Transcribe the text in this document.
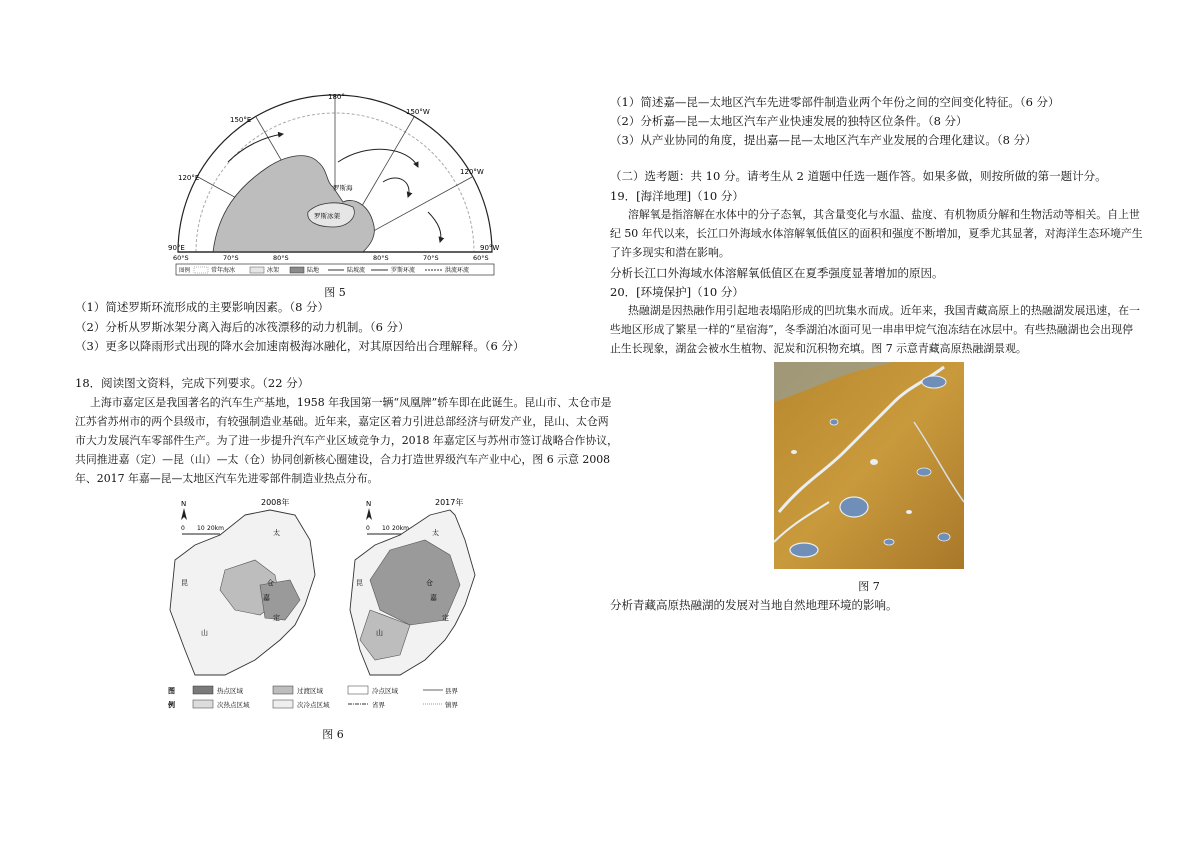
180°
150°E
150°W
120°E
120°W
90°E	90°W
60°S	70°S	80°S	80°S	70°S	60°S
罗斯海
罗斯冰架
图例	常年海冰	冰架	陆地	陆坡流	罗斯环流	洪流环流
图 5
（1）简述罗斯环流形成的主要影响因素。（8 分）
（2）分析从罗斯冰架分离入海后的冰筏漂移的动力机制。（6 分）
（3）更多以降雨形式出现的降水会加速南极海冰融化，对其原因给出合理解释。（6 分）
18．阅读图文资料，完成下列要求。（22 分）
上海市嘉定区是我国著名的汽车生产基地，1958 年我国第一辆“凤凰牌”轿车即在此诞生。昆山市、太仓市是
江苏省苏州市的两个县级市，有较强制造业基础。近年来，嘉定区着力引进总部经济与研发产业，昆山、太仓两
市大力发展汽车零部件生产。为了进一步提升汽车产业区域竞争力，2018 年嘉定区与苏州市签订战略合作协议，
共同推进嘉（定）—昆（山）—太（仓）协同创新核心圈建设，合力打造世界级汽车产业中心，图 6 示意 2008
年、2017 年嘉—昆—太地区汽车先进零部件制造业热点分布。
2008年
N
0 10 20km
太
仓
昆
山
嘉
定
2017年
N
0 10 20km
太
仓
昆
山
嘉
定
图
例
热点区域	过渡区域	冷点区域	县界
次热点区域	次冷点区域	省界	镇界
图 6
（1）简述嘉—昆—太地区汽车先进零部件制造业两个年份之间的空间变化特征。（6 分）
（2）分析嘉—昆—太地区汽车产业快速发展的独特区位条件。（8 分）
（3）从产业协同的角度，提出嘉—昆—太地区汽车产业发展的合理化建议。（8 分）
（二）选考题：共 10 分。请考生从 2 道题中任选一题作答。如果多做，则按所做的第一题计分。
19．[海洋地理]（10 分）
溶解氧是指溶解在水体中的分子态氧，其含量变化与水温、盐度、有机物质分解和生物活动等相关。自上世
纪 50 年代以来，长江口外海域水体溶解氧低值区的面积和强度不断增加，夏季尤其显著，对海洋生态环境产生
了许多现实和潜在影响。
分析长江口外海域水体溶解氧低值区在夏季强度显著增加的原因。
20．[环境保护]（10 分）
热融湖是因热融作用引起地表塌陷形成的凹坑集水而成。近年来，我国青藏高原上的热融湖发展迅速，在一
些地区形成了繁星一样的“星宿海”，冬季湖泊冰面可见一串串甲烷气泡冻结在冰层中。有些热融湖也会出现停
止生长现象，湖盆会被水生植物、泥炭和沉积物充填。图 7 示意青藏高原热融湖景观。
图 7
分析青藏高原热融湖的发展对当地自然地理环境的影响。
